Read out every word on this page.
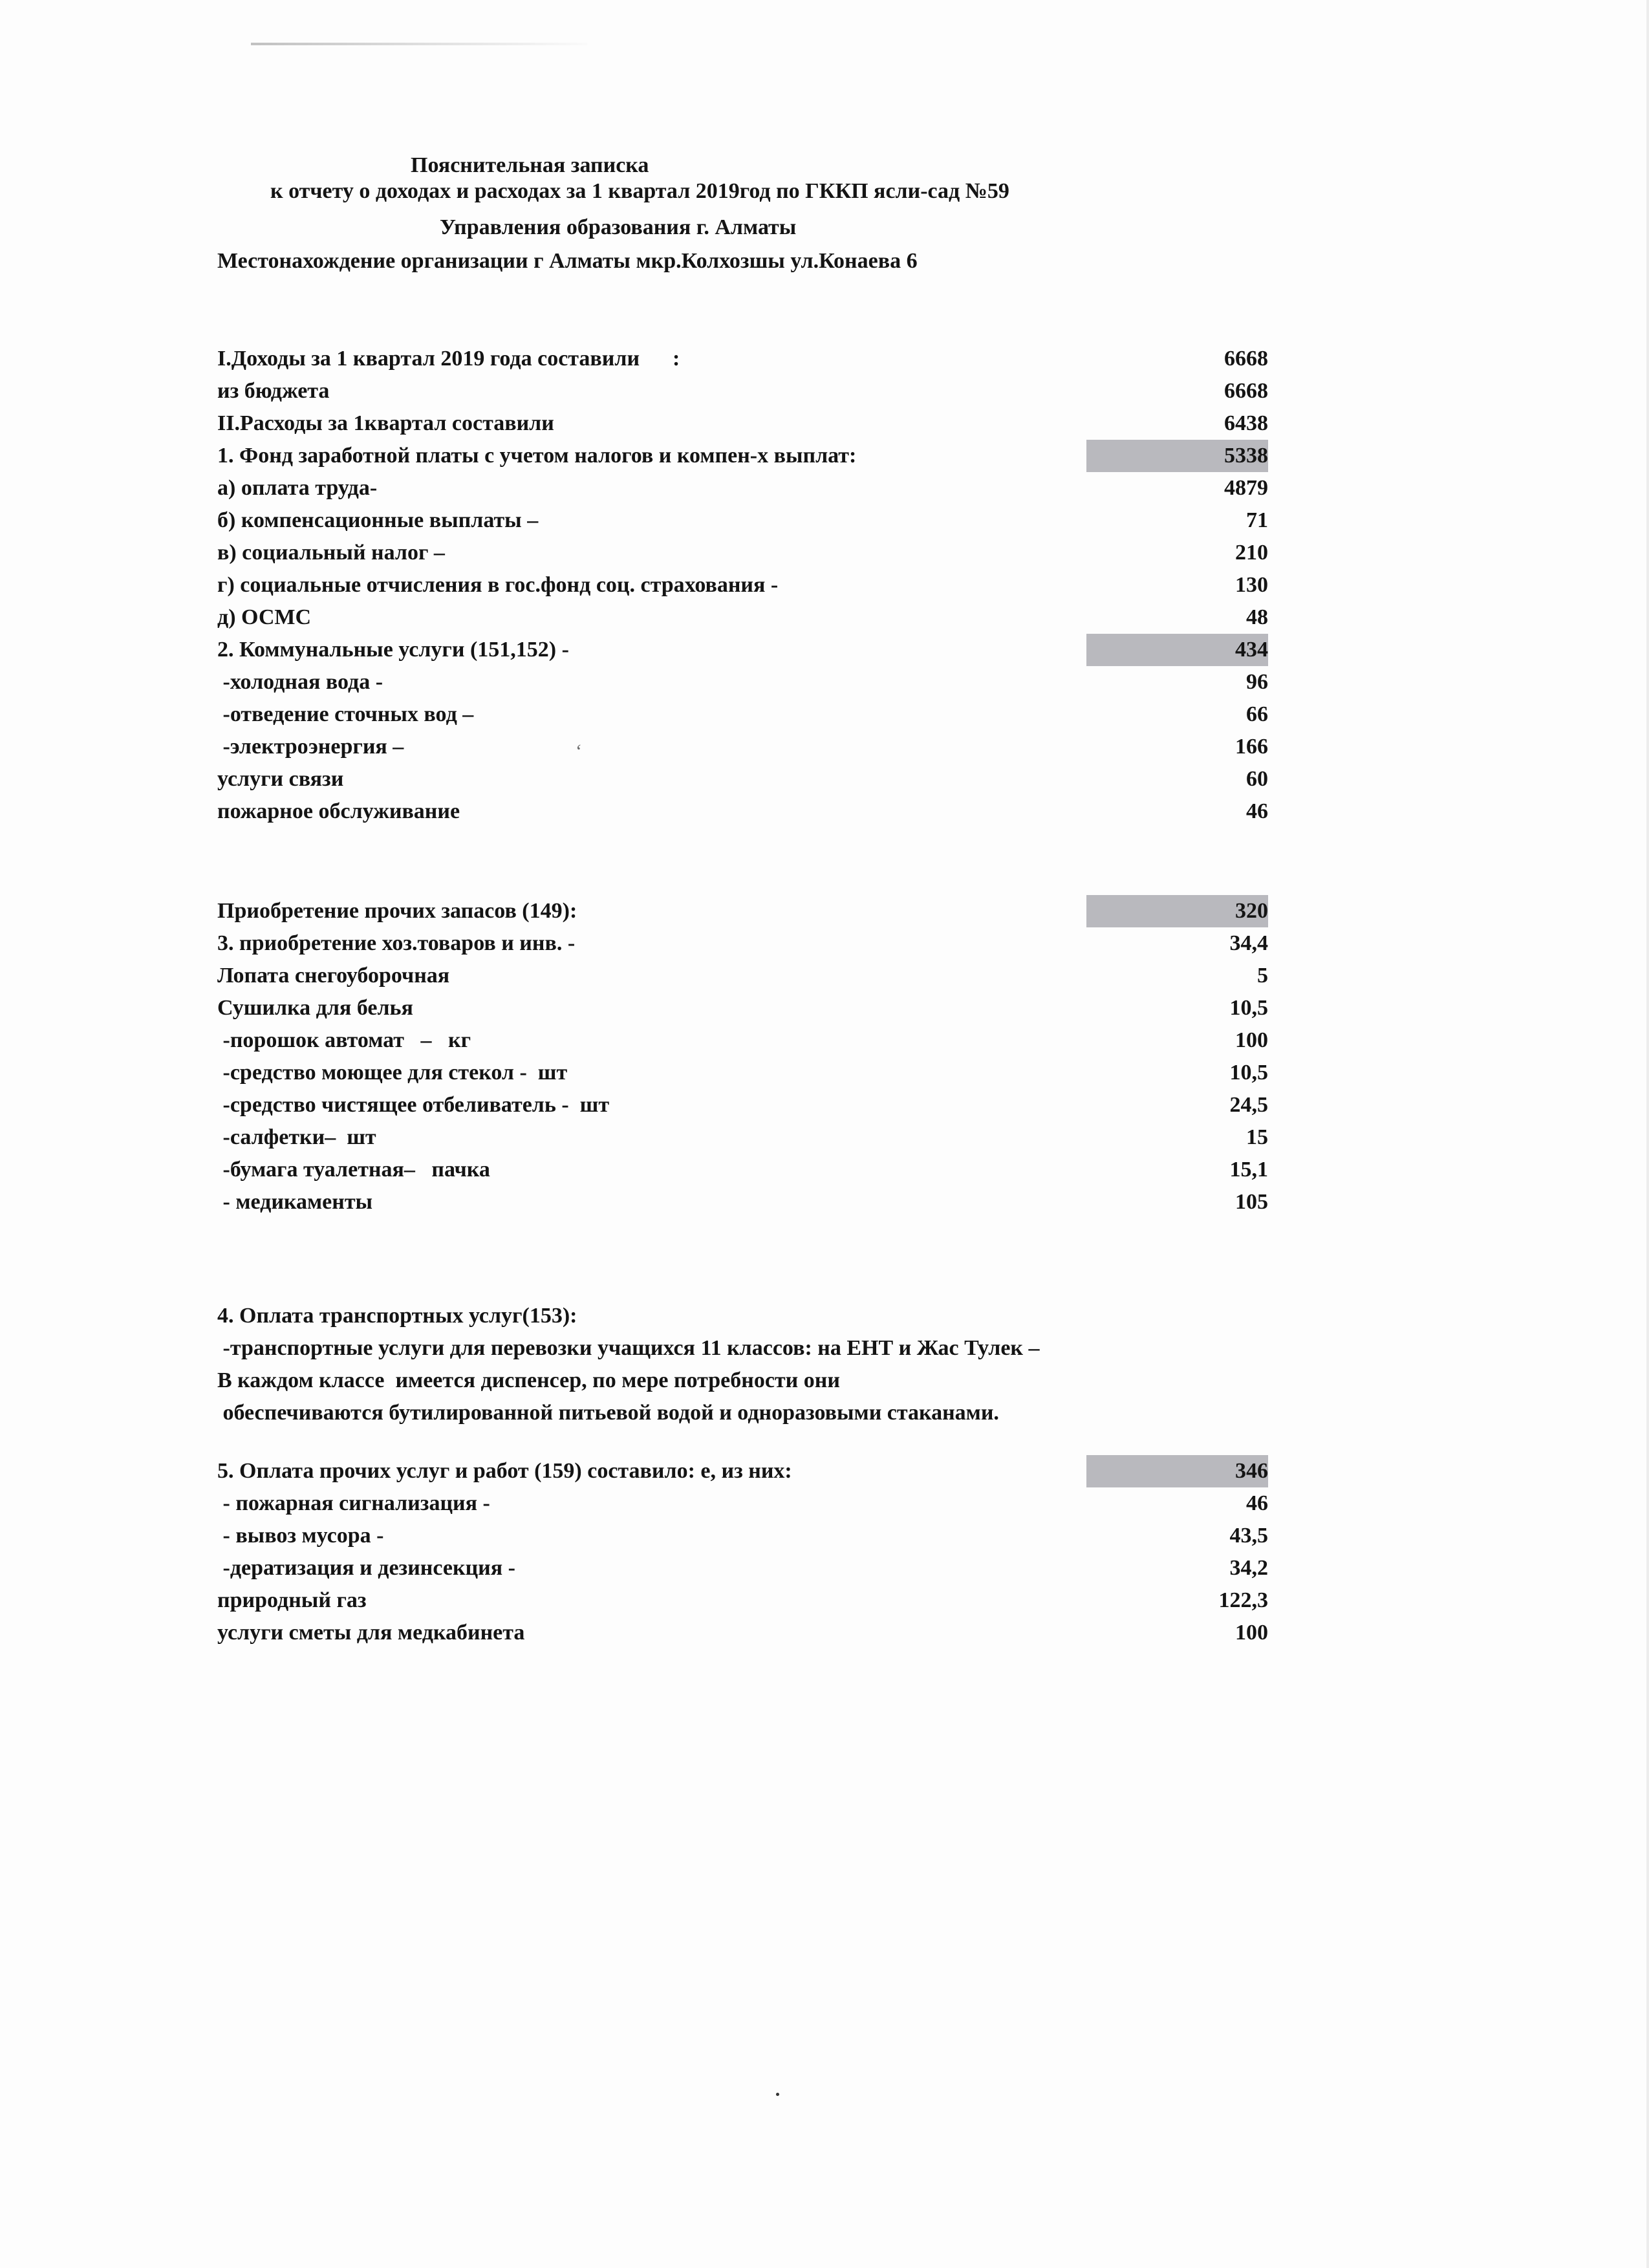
Пояснительная записка
к отчету о доходах и расходах за 1 квартал 2019год по ГККП ясли-сад №59
Управления образования г. Алматы
Местонахождение организации г Алматы мкр.Колхозшы ул.Конаева 6
I.Доходы за 1 квартал 2019 года составили      :	6668
из бюджета	6668
II.Расходы за 1квартал составили	6438
1. Фонд заработной платы с учетом налогов и компен-х выплат:	5338
а) оплата труда-	4879
б) компенсационные выплаты –	71
в) социальный налог –	210
г) социальные отчисления в гос.фонд соц. страхования -	130
д) ОСМС	48
2. Коммунальные услуги (151,152) -	434
-холодная вода -	96
-отведение сточных вод –	66
-электроэнергия –	166
услуги связи	60
пожарное обслуживание	46
Приобретение прочих запасов (149):	320
3. приобретение хоз.товаров и инв. -	34,4
Лопата снегоуборочная	5
Сушилка для белья	10,5
-порошок автомат   –   кг	100
-средство моющее для стекол -  шт	10,5
-средство чистящее отбеливатель -  шт	24,5
-салфетки–  шт	15
-бумага туалетная–   пачка	15,1
- медикаменты	105
5. Оплата прочих услуг и работ (159) составило: е, из них:	346
- пожарная сигнализация -	46
- вывоз мусора -	43,5
-дератизация и дезинсекция -	34,2
природный газ	122,3
услуги сметы для медкабинета	100
4. Оплата транспортных услуг(153):
-транспортные услуги для перевозки учащихся 11 классов: на ЕНТ и Жас Тулек –
В каждом классе  имеется диспенсер, по мере потребности они
обеспечиваются бутилированной питьевой водой и одноразовыми стаканами.
‘
